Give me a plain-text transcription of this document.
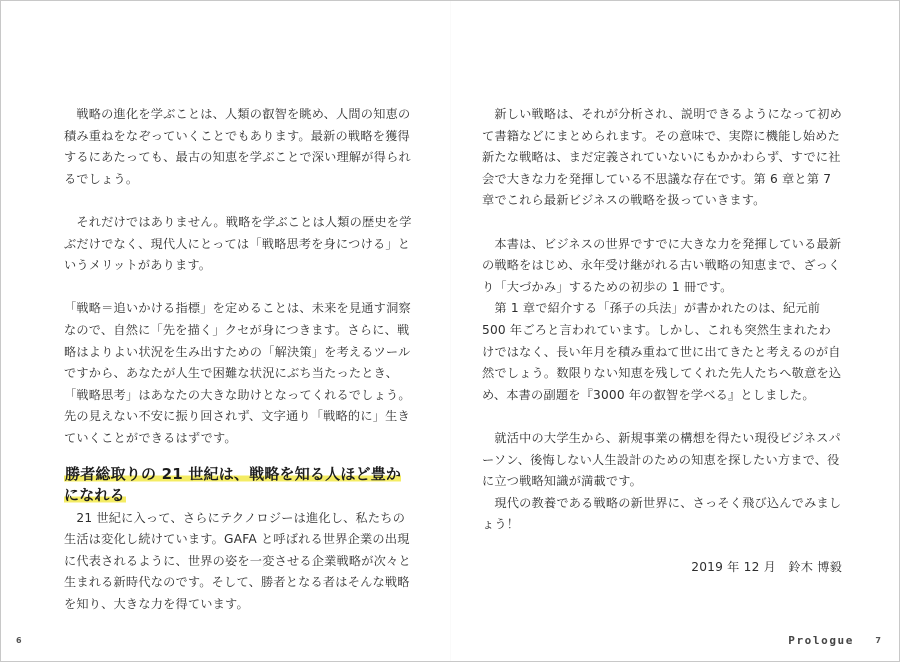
　戦略の進化を学ぶことは、人類の叡智を眺め、人間の知恵の積み重ねをなぞっていくことでもあります。最新の戦略を獲得するにあたっても、最古の知恵を学ぶことで深い理解が得られるでしょう。

　それだけではありません。戦略を学ぶことは人類の歴史を学ぶだけでなく、現代人にとっては「戦略思考を身につける」というメリットがあります。

「戦略＝追いかける指標」を定めることは、未来を見通す洞察なので、自然に「先を描く」クセが身につきます。さらに、戦略はよりよい状況を生み出すための「解決策」を考えるツールですから、あなたが人生で困難な状況にぶち当たったとき、「戦略思考」はあなたの大きな助けとなってくれるでしょう。先の見えない不安に振り回されず、文字通り「戦略的に」生きていくことができるはずです。

勝者総取りの 21 世紀は、戦略を知る人ほど豊かになれる

　21 世紀に入って、さらにテクノロジーは進化し、私たちの生活は変化し続けています。GAFA と呼ばれる世界企業の出現に代表されるように、世界の姿を一変させる企業戦略が次々と生まれる新時代なのです。そして、勝者となる者はそんな戦略を知り、大きな力を得ています。

6

　新しい戦略は、それが分析され、説明できるようになって初めて書籍などにまとめられます。その意味で、実際に機能し始めた新たな戦略は、まだ定義されていないにもかかわらず、すでに社会で大きな力を発揮している不思議な存在です。第 6 章と第 7 章でこれら最新ビジネスの戦略を扱っていきます。

　本書は、ビジネスの世界ですでに大きな力を発揮している最新の戦略をはじめ、永年受け継がれる古い戦略の知恵まで、ざっくり「大づかみ」するための初歩の 1 冊です。

　第 1 章で紹介する「孫子の兵法」が書かれたのは、紀元前 500 年ごろと言われています。しかし、これも突然生まれたわけではなく、長い年月を積み重ねて世に出てきたと考えるのが自然でしょう。数限りない知恵を残してくれた先人たちへ敬意を込め、本書の副題を『3000 年の叡智を学べる』としました。

　就活中の大学生から、新規事業の構想を得たい現役ビジネスパーソン、後悔しない人生設計のための知恵を探したい方まで、役に立つ戦略知識が満載です。

　現代の教養である戦略の新世界に、さっそく飛び込んでみましょう！

2019 年 12 月　鈴木 博毅

Prologue	7
